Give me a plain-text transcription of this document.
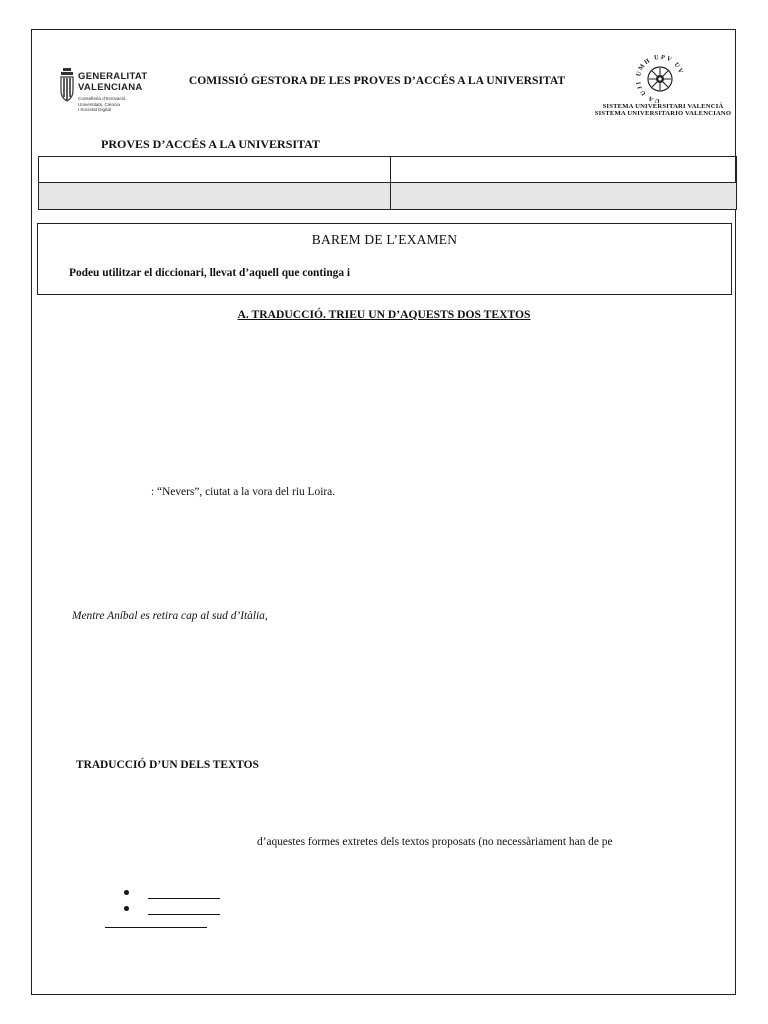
GENERALITAT
VALENCIANA
Conselleria d'Innovació,
Universitats, Ciència
i Societat Digital
COMISSIÓ GESTORA DE LES PROVES D’ACCÉS A LA UNIVERSITAT
UA UJI UMH UPV UV
SISTEMA UNIVERSITARI VALENCIÀ
SISTEMA UNIVERSITARIO VALENCIANO
PROVES D’ACCÉS A LA UNIVERSITAT
BAREM DE L’EXAMEN
Podeu utilitzar el diccionari, llevat d’aquell que continga i
A. TRADUCCIÓ. TRIEU UN D’AQUESTS DOS TEXTOS
: “Nevers”, ciutat a la vora del riu Loira.
Mentre Aníbal es retira cap al sud d’Itàlia,
TRADUCCIÓ D’UN DELS TEXTOS
d’aquestes formes extretes dels textos proposats (no necessàriament han de pe
